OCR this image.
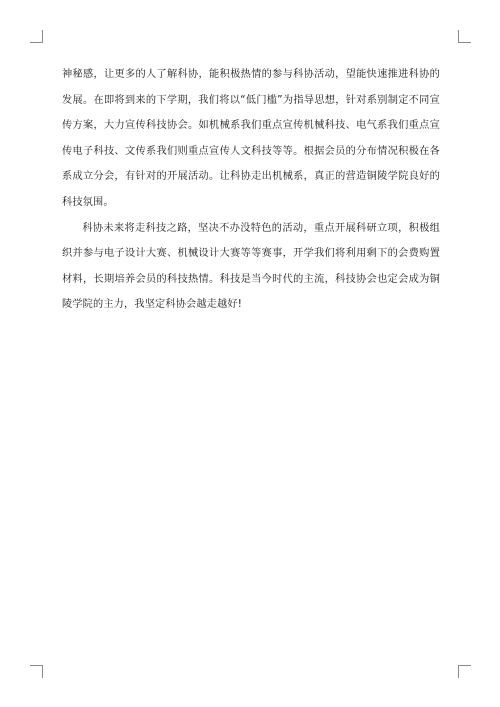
神秘感，让更多的人了解科协，能积极热情的参与科协活动，望能快速推进科协的发展。在即将到来的下学期，我们将以“低门槛”为指导思想，针对系别制定不同宣传方案，大力宣传科技协会。如机械系我们重点宣传机械科技、电气系我们重点宣传电子科技、文传系我们则重点宣传人文科技等等。根据会员的分布情况积极在各系成立分会，有针对的开展活动。让科协走出机械系，真正的营造铜陵学院良好的科技氛围。

科协未来将走科技之路，坚决不办没特色的活动，重点开展科研立项，积极组织并参与电子设计大赛、机械设计大赛等等赛事，开学我们将利用剩下的会费购置材料，长期培养会员的科技热情。科技是当今时代的主流，科技协会也定会成为铜陵学院的主力，我坚定科协会越走越好!
